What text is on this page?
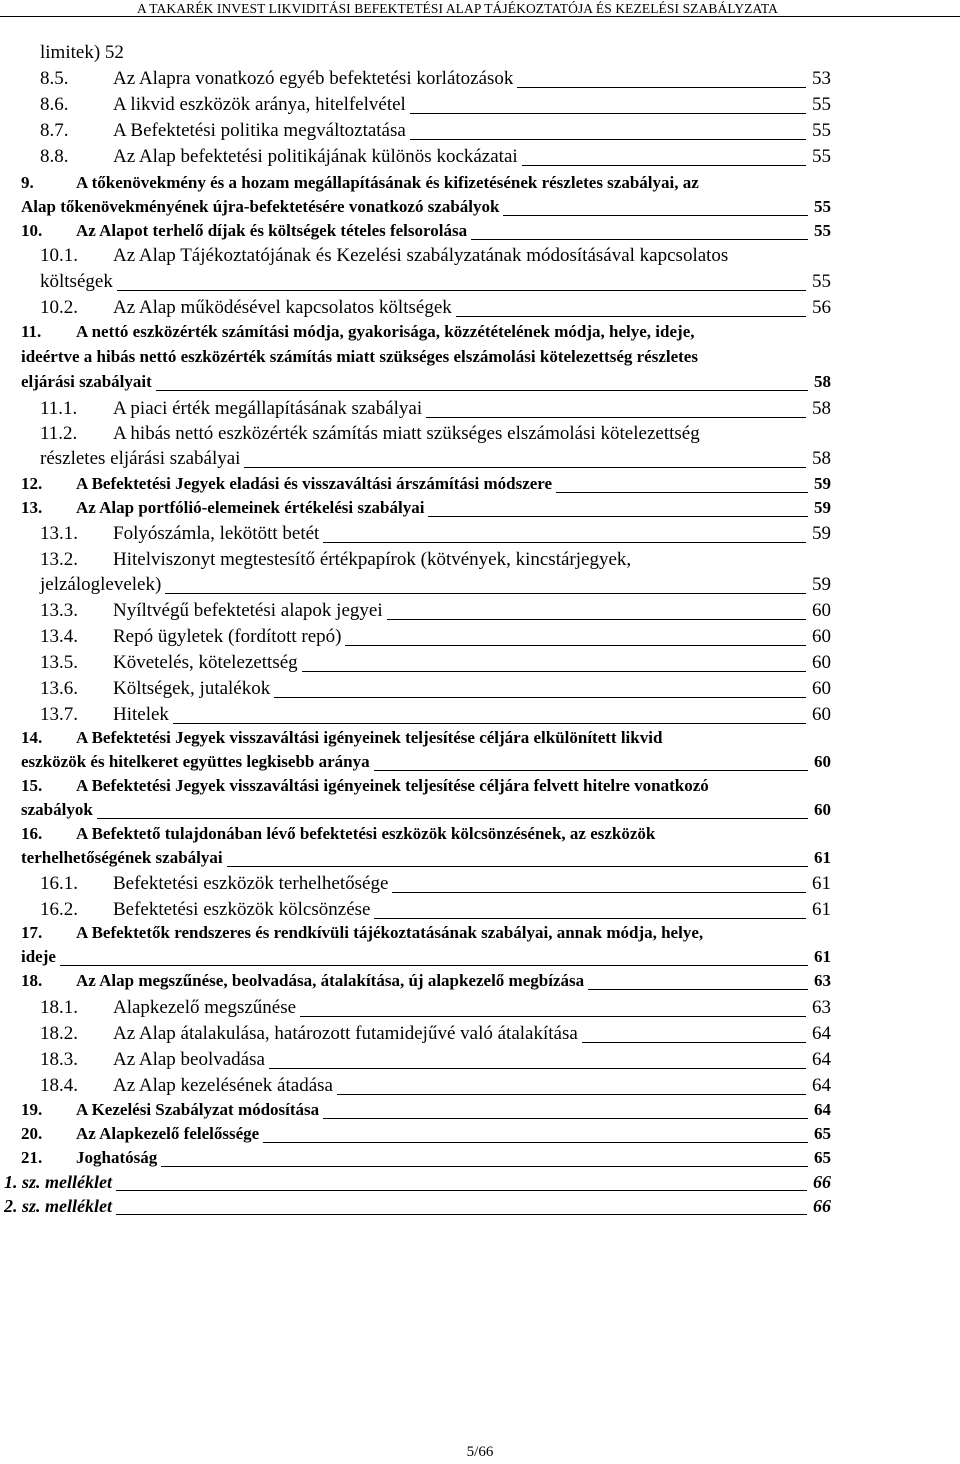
A TAKARÉK INVEST LIKVIDITÁSI BEFEKTETÉSI ALAP TÁJÉKOZTATÓJA ÉS KEZELÉSI SZABÁLYZATA
limitek) 52
8.5. Az Alapra vonatkozó egyéb befektetési korlátozások	53
8.6. A likvid eszközök aránya, hitelfelvétel	55
8.7. A Befektetési politika megváltoztatása	55
8.8. Az Alap befektetési politikájának különös kockázatai	55
9. A tőkenövekmény és a hozam megállapításának és kifizetésének részletes szabályai, az
Alap tőkenövekményének újra-befektetésére vonatkozó szabályok	55
10. Az Alapot terhelő díjak és költségek tételes felsorolása	55
10.1. Az Alap Tájékoztatójának és Kezelési szabályzatának módosításával kapcsolatos
költségek	55
10.2. Az Alap működésével kapcsolatos költségek	56
11. A nettó eszközérték számítási módja, gyakorisága, közzétételének módja, helye, ideje,
ideértve a hibás nettó eszközérték számítás miatt szükséges elszámolási kötelezettség részletes
eljárási szabályait	58
11.1. A piaci érték megállapításának szabályai	58
11.2. A hibás nettó eszközérték számítás miatt szükséges elszámolási kötelezettség
részletes eljárási szabályai	58
12. A Befektetési Jegyek eladási és visszaváltási árszámítási módszere	59
13. Az Alap portfólió-elemeinek értékelési szabályai	59
13.1. Folyószámla, lekötött betét	59
13.2. Hitelviszonyt megtestesítő értékpapírok (kötvények, kincstárjegyek,
jelzáloglevelek)	59
13.3. Nyíltvégű befektetési alapok jegyei	60
13.4. Repó ügyletek (fordított repó)	60
13.5. Követelés, kötelezettség	60
13.6. Költségek, jutalékok	60
13.7. Hitelek	60
14. A Befektetési Jegyek visszaváltási igényeinek teljesítése céljára elkülönített likvid
eszközök és hitelkeret együttes legkisebb aránya	60
15. A Befektetési Jegyek visszaváltási igényeinek teljesítése céljára felvett hitelre vonatkozó
szabályok	60
16. A Befektető tulajdonában lévő befektetési eszközök kölcsönzésének, az eszközök
terhelhetőségének szabályai	61
16.1. Befektetési eszközök terhelhetősége	61
16.2. Befektetési eszközök kölcsönzése	61
17. A Befektetők rendszeres és rendkívüli tájékoztatásának szabályai, annak módja, helye,
ideje	61
18. Az Alap megszűnése, beolvadása, átalakítása, új alapkezelő megbízása	63
18.1. Alapkezelő megszűnése	63
18.2. Az Alap átalakulása, határozott futamidejűvé való átalakítása	64
18.3. Az Alap beolvadása	64
18.4. Az Alap kezelésének átadása	64
19. A Kezelési Szabályzat módosítása	64
20. Az Alapkezelő felelőssége	65
21. Joghatóság	65
1. sz. melléklet	66
2. sz. melléklet	66
5/66
